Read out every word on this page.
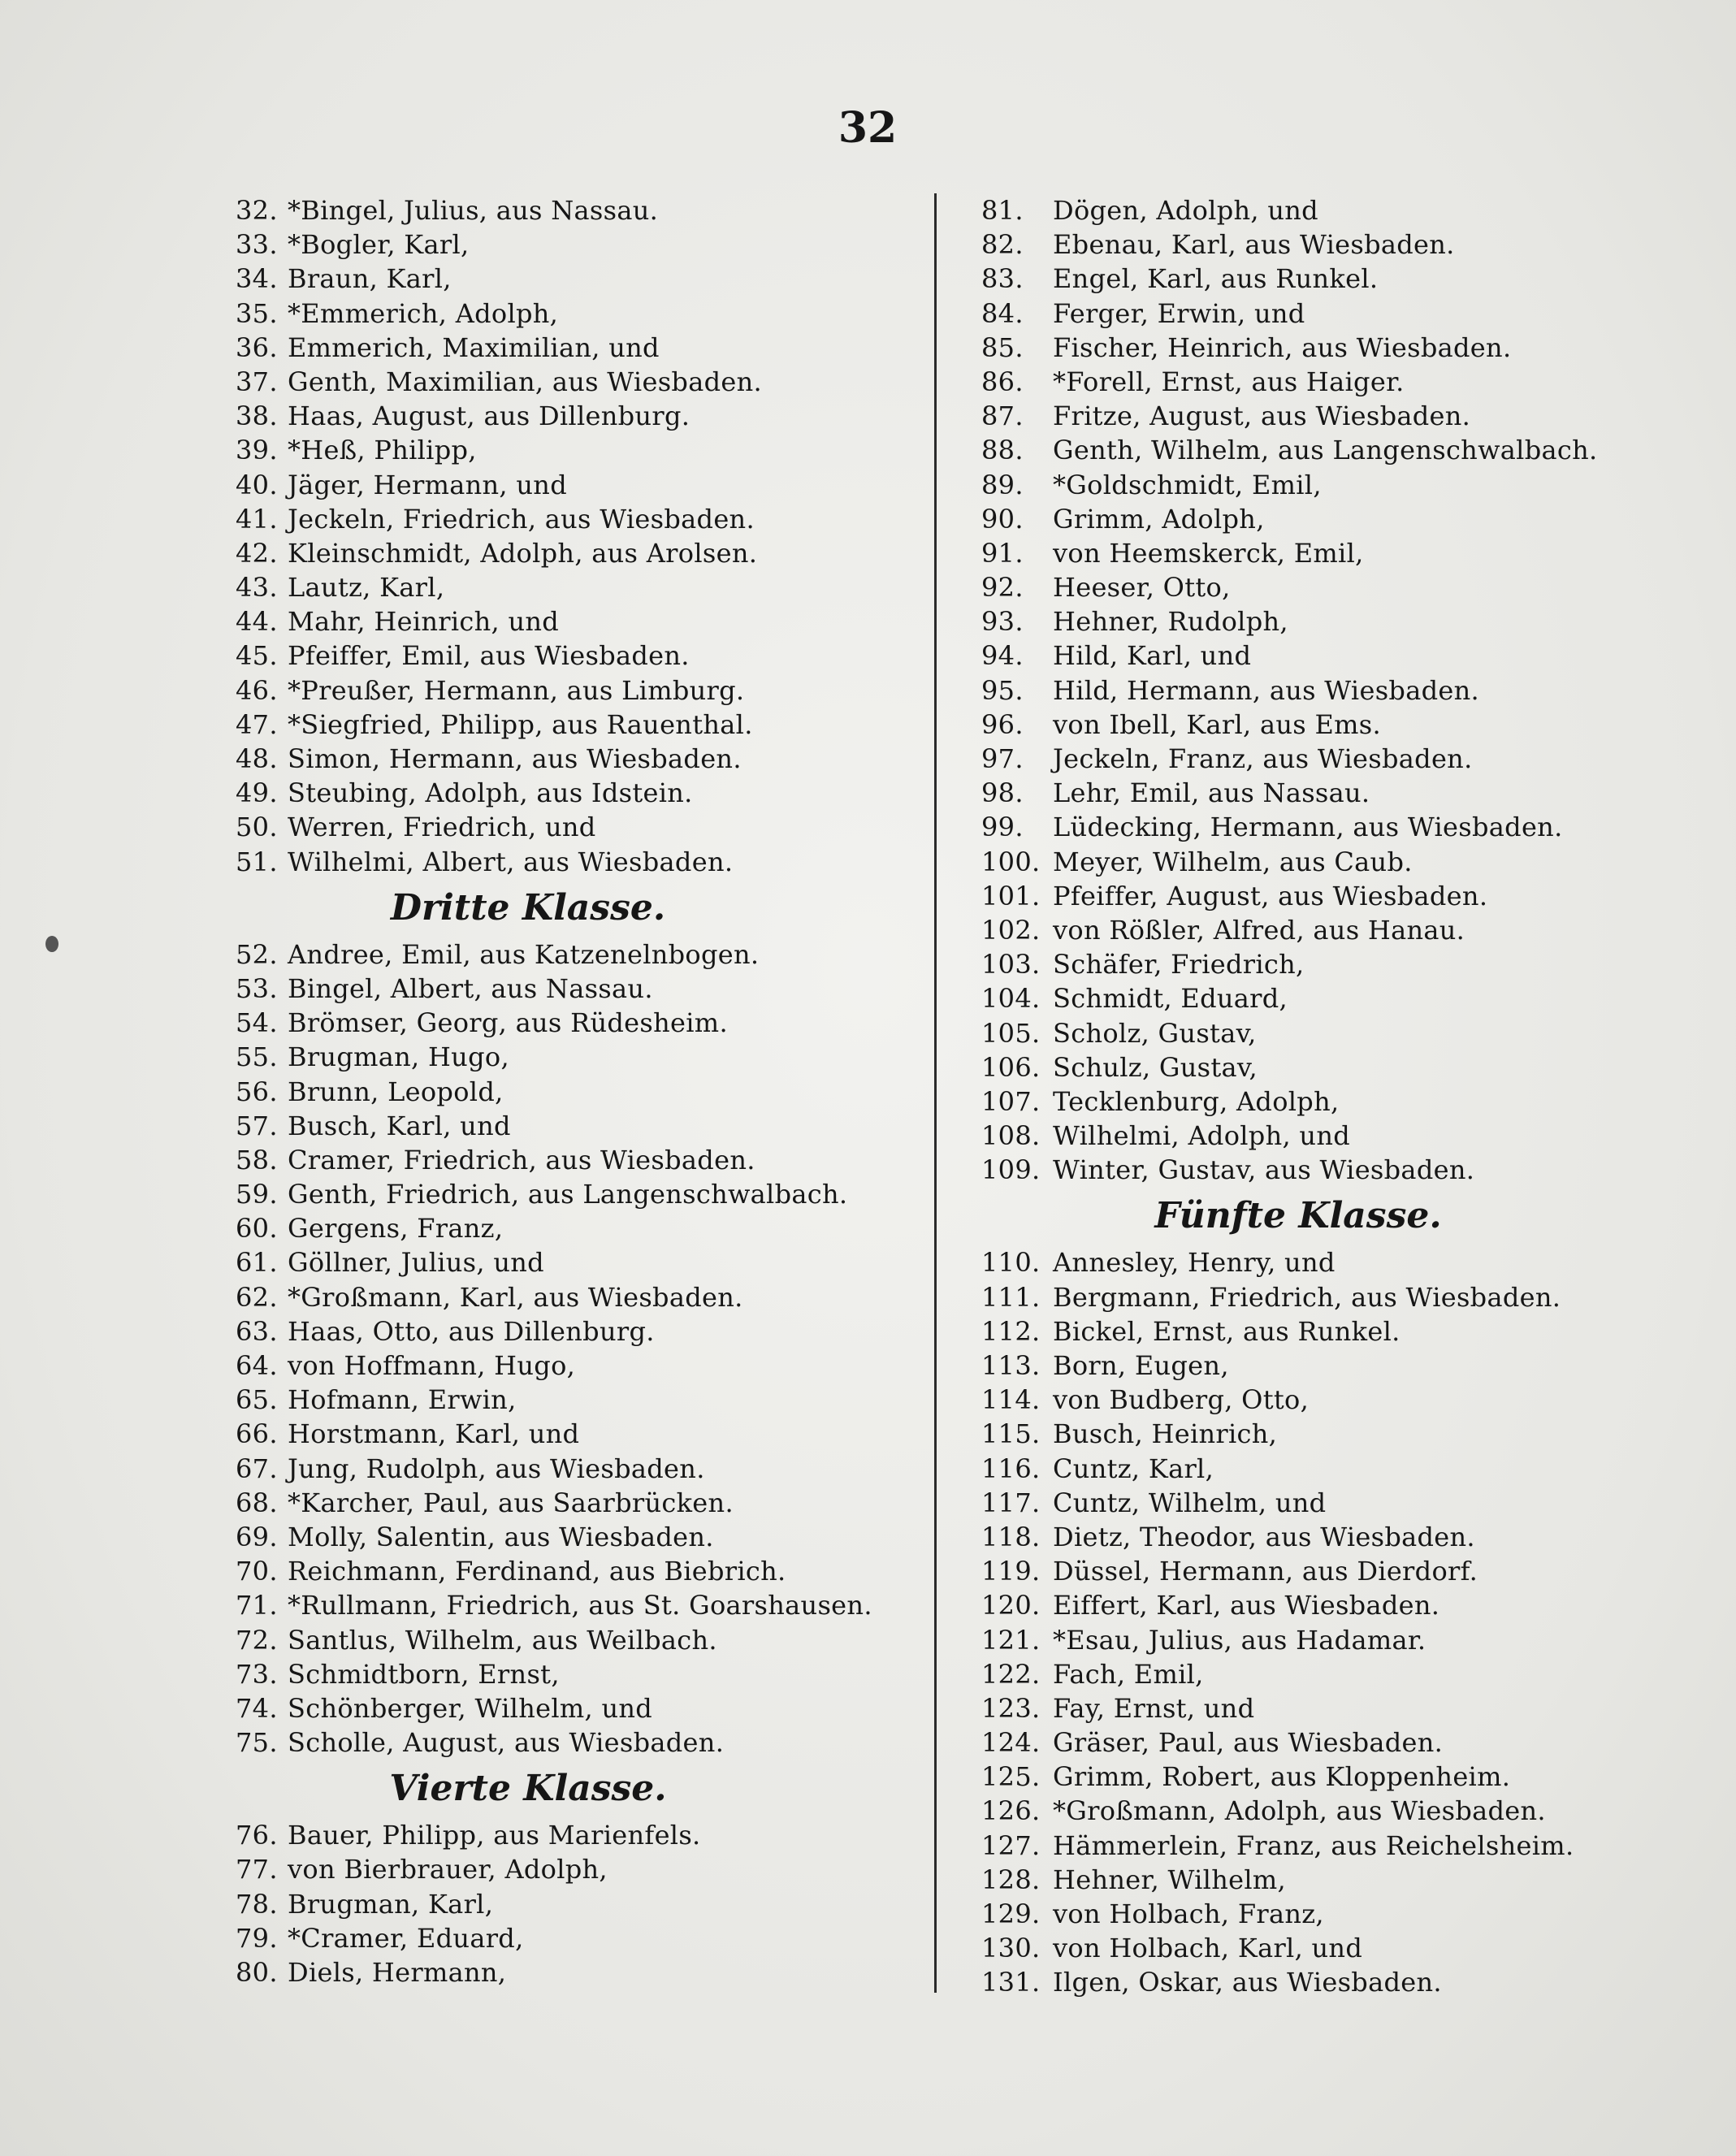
32
32. *Bingel, Julius, aus Nassau.
33. *Bogler, Karl,
34. Braun, Karl,
35. *Emmerich, Adolph,
36. Emmerich, Maximilian, und
37. Genth, Maximilian, aus Wiesbaden.
38. Haas, August, aus Dillenburg.
39. *Heß, Philipp,
40. Jäger, Hermann, und
41. Jeckeln, Friedrich, aus Wiesbaden.
42. Kleinschmidt, Adolph, aus Arolsen.
43. Lautz, Karl,
44. Mahr, Heinrich, und
45. Pfeiffer, Emil, aus Wiesbaden.
46. *Preußer, Hermann, aus Limburg.
47. *Siegfried, Philipp, aus Rauenthal.
48. Simon, Hermann, aus Wiesbaden.
49. Steubing, Adolph, aus Idstein.
50. Werren, Friedrich, und
51. Wilhelmi, Albert, aus Wiesbaden.
Dritte Klasse.
52. Andree, Emil, aus Katzenelnbogen.
53. Bingel, Albert, aus Nassau.
54. Brömser, Georg, aus Rüdesheim.
55. Brugman, Hugo,
56. Brunn, Leopold,
57. Busch, Karl, und
58. Cramer, Friedrich, aus Wiesbaden.
59. Genth, Friedrich, aus Langenschwalbach.
60. Gergens, Franz,
61. Göllner, Julius, und
62. *Großmann, Karl, aus Wiesbaden.
63. Haas, Otto, aus Dillenburg.
64. von Hoffmann, Hugo,
65. Hofmann, Erwin,
66. Horstmann, Karl, und
67. Jung, Rudolph, aus Wiesbaden.
68. *Karcher, Paul, aus Saarbrücken.
69. Molly, Salentin, aus Wiesbaden.
70. Reichmann, Ferdinand, aus Biebrich.
71. *Rullmann, Friedrich, aus St. Goarshausen.
72. Santlus, Wilhelm, aus Weilbach.
73. Schmidtborn, Ernst,
74. Schönberger, Wilhelm, und
75. Scholle, August, aus Wiesbaden.
Vierte Klasse.
76. Bauer, Philipp, aus Marienfels.
77. von Bierbrauer, Adolph,
78. Brugman, Karl,
79. *Cramer, Eduard,
80. Diels, Hermann,
81. Dögen, Adolph, und
82. Ebenau, Karl, aus Wiesbaden.
83. Engel, Karl, aus Runkel.
84. Ferger, Erwin, und
85. Fischer, Heinrich, aus Wiesbaden.
86. *Forell, Ernst, aus Haiger.
87. Fritze, August, aus Wiesbaden.
88. Genth, Wilhelm, aus Langenschwalbach.
89. *Goldschmidt, Emil,
90. Grimm, Adolph,
91. von Heemskerck, Emil,
92. Heeser, Otto,
93. Hehner, Rudolph,
94. Hild, Karl, und
95. Hild, Hermann, aus Wiesbaden.
96. von Ibell, Karl, aus Ems.
97. Jeckeln, Franz, aus Wiesbaden.
98. Lehr, Emil, aus Nassau.
99. Lüdecking, Hermann, aus Wiesbaden.
100. Meyer, Wilhelm, aus Caub.
101. Pfeiffer, August, aus Wiesbaden.
102. von Rößler, Alfred, aus Hanau.
103. Schäfer, Friedrich,
104. Schmidt, Eduard,
105. Scholz, Gustav,
106. Schulz, Gustav,
107. Tecklenburg, Adolph,
108. Wilhelmi, Adolph, und
109. Winter, Gustav, aus Wiesbaden.
Fünfte Klasse.
110. Annesley, Henry, und
111. Bergmann, Friedrich, aus Wiesbaden.
112. Bickel, Ernst, aus Runkel.
113. Born, Eugen,
114. von Budberg, Otto,
115. Busch, Heinrich,
116. Cuntz, Karl,
117. Cuntz, Wilhelm, und
118. Dietz, Theodor, aus Wiesbaden.
119. Düssel, Hermann, aus Dierdorf.
120. Eiffert, Karl, aus Wiesbaden.
121. *Esau, Julius, aus Hadamar.
122. Fach, Emil,
123. Fay, Ernst, und
124. Gräser, Paul, aus Wiesbaden.
125. Grimm, Robert, aus Kloppenheim.
126. *Großmann, Adolph, aus Wiesbaden.
127. Hämmerlein, Franz, aus Reichelsheim.
128. Hehner, Wilhelm,
129. von Holbach, Franz,
130. von Holbach, Karl, und
131. Ilgen, Oskar, aus Wiesbaden.
